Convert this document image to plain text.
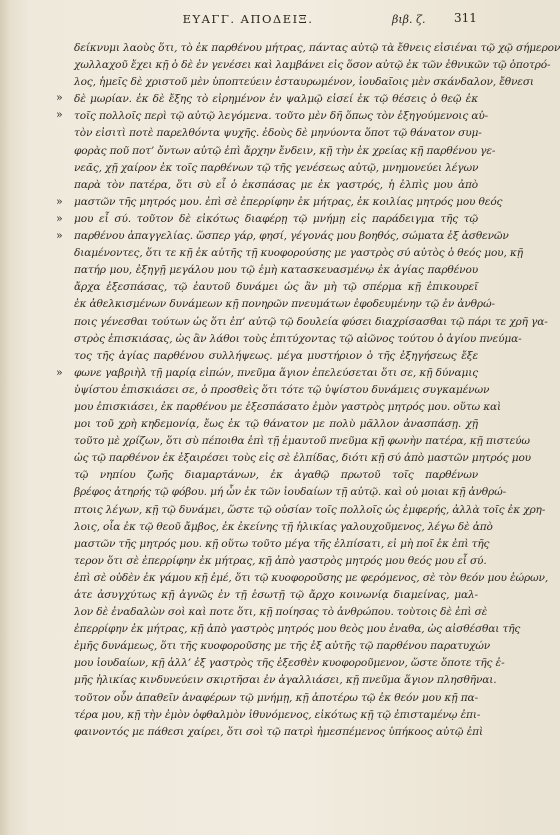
ΕΥΑΓΓ. ΑΠΟΔΕΙΞ.	βιβ. ζ. 311
»
»
»
»
»
»
δείκνυμι λαοὺς ὅτι, τὸ ἐκ παρθένου μήτρας, πάντας αὐτῷ τὰ ἔθνεις εἰσιέναι τῷ χῷ σήμερον
χωλλαχοῦ ἔχει κῇ ὁ δὲ ἐν γενέσει καὶ λαμβάνει εἰς ὅσον αὐτῷ ἐκ τῶν ἐθνικῶν τῷ ὁποτρό-
λος, ἡμεῖς δὲ χριστοῦ μὲν ὑποπτεύειν ἐσταυρωμένον, ἰουδαῖοις μὲν σκάνδαλον, ἔθνεσι
δὲ μωρίαν. ἐκ δὲ ἔξης τὸ εἰρημένον ἐν ψαλμῷ εἰσεί ἐκ τῷ θέσεις ὁ θεῷ ἐκ
τοῖς πολλοῖς περὶ τῷ αὐτῷ λεγόμενα. τοῦτο μὲν δῆ ὅπως τὸν ἐξηγούμενοις αὐ-
τὸν εἰσιτὶ ποτὲ παρελθόντα ψυχῆς. ἐδοὺς δὲ μηνύοντα ὅποτ τῷ θάνατον συμ-
φορὰς ποῦ ποτ’ ὄντων αὐτῷ ἐπὶ ἄρχην ἔνδειν, κῇ τὴν ἐκ χρείας κῇ παρθένου γε-
νεᾶς, χῇ χαίρον ἐκ τοῖς παρθένων τῷ τῆς γενέσεως αὐτῷ, μνημονεύει λέγων
παρὰ τὸν πατέρα, ὅτι σὺ εἶ ὁ ἐκσπάσας με ἐκ γαστρός, ἡ ἐλπὶς μου ἀπὸ
μαστῶν τῆς μητρός μου. ἐπὶ σὲ ἐπερρίφην ἐκ μήτρας, ἐκ κοιλίας μητρός μου θεός
μου εἶ σύ. τοῦτον δὲ εἰκότως διαφέρῃ τῷ μνήμῃ εἰς παράδειγμα τῆς τῷ
παρθένου ἀπαγγελίας. ὥσπερ γάρ, φησί, γέγονάς μου βοηθός, σώματα ἐξ ἀσθενῶν
διαμένοντες, ὅτι τε κῇ ἐκ αὐτῆς τῇ κυοφορούσης με γαστρὸς σύ αὐτὸς ὁ θεός μου, κῇ
πατήρ μου, ἐξηγῇ μεγάλου μου τῷ ἐμὴ κατασκευασμένῳ ἐκ ἁγίας παρθένου
ἄρχα ἐξεσπάσας, τῷ ἑαυτοῦ δυνάμει ὡς ἂν μὴ τῷ σπέρμα κῇ ἐπικουρεῖ
ἐκ ἀθελκισμένων δυνάμεων κῇ πονηρῶν πνευμάτων ἐφοδευμένην τῷ ἐν ἀνθρώ-
ποις γένεσθαι τούτων ὡς ὅτι ἐπ’ αὐτῷ τῷ δουλεία φύσει διαχρίσασθαι τῷ πάρι τε χρῆ γα-
στρὸς ἐπισκιάσας, ὡς ἂν λάθοι τοὺς ἐπιτύχοντας τῷ αἰῶνος τούτου ὁ ἁγίου πνεύμα-
τος τῆς ἁγίας παρθένου συλλήψεως. μέγα μυστήριον ὁ τῆς ἐξηγήσεως ἔξε
φωνε γαβριὴλ τῇ μαρίᾳ εἰπών, πνεῦμα ἅγιον ἐπελεύσεται ὅτι σε, κῇ δύναμις
ὑψίστου ἐπισκιάσει σε, ὁ προσθεὶς ὅτι τότε τῷ ὑψίστου δυνάμεις συγκαμένων
μου ἐπισκιάσει, ἐκ παρθένου με ἐξεσπάσατο ἐμὸν γαστρὸς μητρός μου. οὕτω καὶ
μοι τοῦ χρὴ κηδεμονίᾳ, ἔως ἐκ τῷ θάνατον με πολὺ μᾶλλον ἀνασπάσῃ. χῇ
τοῦτο μὲ χρίζων, ὅτι σὺ πέποιθα ἐπὶ τῇ ἐμαυτοῦ πνεῦμα κῇ φωνὴν πατέρα, κῇ πιστεύω
ὡς τῷ παρθένον ἐκ ἐξαιρέσει τοὺς εἰς σὲ ἐλπίδας, διότι κῇ σύ ἀπὸ μαστῶν μητρός μου
τῷ νηπίου ζωῆς διαμαρτάνων, ἐκ ἀγαθῷ πρωτοῦ τοῖς παρθένων
βρέφος ἀτηρής τῷ φόβου. μή ὧν ἐκ τῶν ἰουδαίων τῇ αὐτῷ. καὶ οὐ μοιαι κῇ ἀνθρώ-
πτοις λέγων, κῇ τῷ δυνάμει, ὥστε τῷ οὐσίαν τοῖς πολλοῖς ὡς ἐμφερής, ἀλλὰ τοῖς ἐκ χρη-
λοις, οἷα ἐκ τῷ θεοῦ ἄμβος, ἐκ ἐκείνης τῇ ἡλικίας γαλουχοῦμενος, λέγω δὲ ἀπὸ
μαστῶν τῆς μητρός μου. κῇ οὕτω τοῦτο μέγα τῆς ἐλπίσατι, εἰ μὴ ποῖ ἐκ ἐπὶ τῆς
τερον ὅτι σὲ ἐπερρίφην ἐκ μήτρας, κῇ ἀπὸ γαστρὸς μητρός μου θεός μου εἶ σύ.
ἐπὶ σὲ οὐδὲν ἐκ γάμου κῇ ἐμέ, ὅτι τῷ κυοφοροῦσης με φερόμενος, σὲ τὸν θεόν μου ἑώρων,
ἀτε ἀσυγχύτως κῇ ἀγνῶς ἐν τῇ ἑσωτῇ τῷ ἄρχο κοινωνίᾳ διαμείνας, μαλ-
λον δὲ ἐναδαλὼν σοὶ καὶ ποτε ὅτι, κῇ ποίησας τὸ ἀνθρώπου. τοὺτοις δὲ ἐπὶ σὲ
ἐπερρίφην ἐκ μήτρας, κῇ ἀπὸ γαστρὸς μητρός μου θεὸς μου ἐναθα, ὡς αἰσθέσθαι τῆς
ἐμῆς δυνάμεως, ὅτι τῆς κυοφοροῦσης με τῆς ἐξ αὐτῆς τῷ παρθένου παρατυχών
μου ἰουδαίων, κῇ ἀλλ’ ἐξ γαστρὸς τῆς ἐξεσθὲν κυοφοροῦμενον, ὥστε ὅποτε τῆς ἐ-
μῆς ἡλικίας κινδυνεύειν σκιρτῆσαι ἐν ἀγαλλιάσει, κῇ πνεῦμα ἅγιον πλησθῆναι.
τοῦτον οὖν ἀπαθεῖν ἀναφέρων τῷ μνήμῃ, κῇ ἀποτέρω τῷ ἐκ θεόν μου κῇ πα-
τέρα μου, κῇ τὴν ἐμὸν ὀφθαλμὸν ἰθυνόμενος, εἰκότως κῇ τῷ ἐπισταμένῳ ἐπι-
φαινοντός με πάθεσι χαίρει, ὅτι σοὶ τῷ πατρὶ ἡμεσπέμενος ὑπήκοος αὐτῷ ἐπὶ
